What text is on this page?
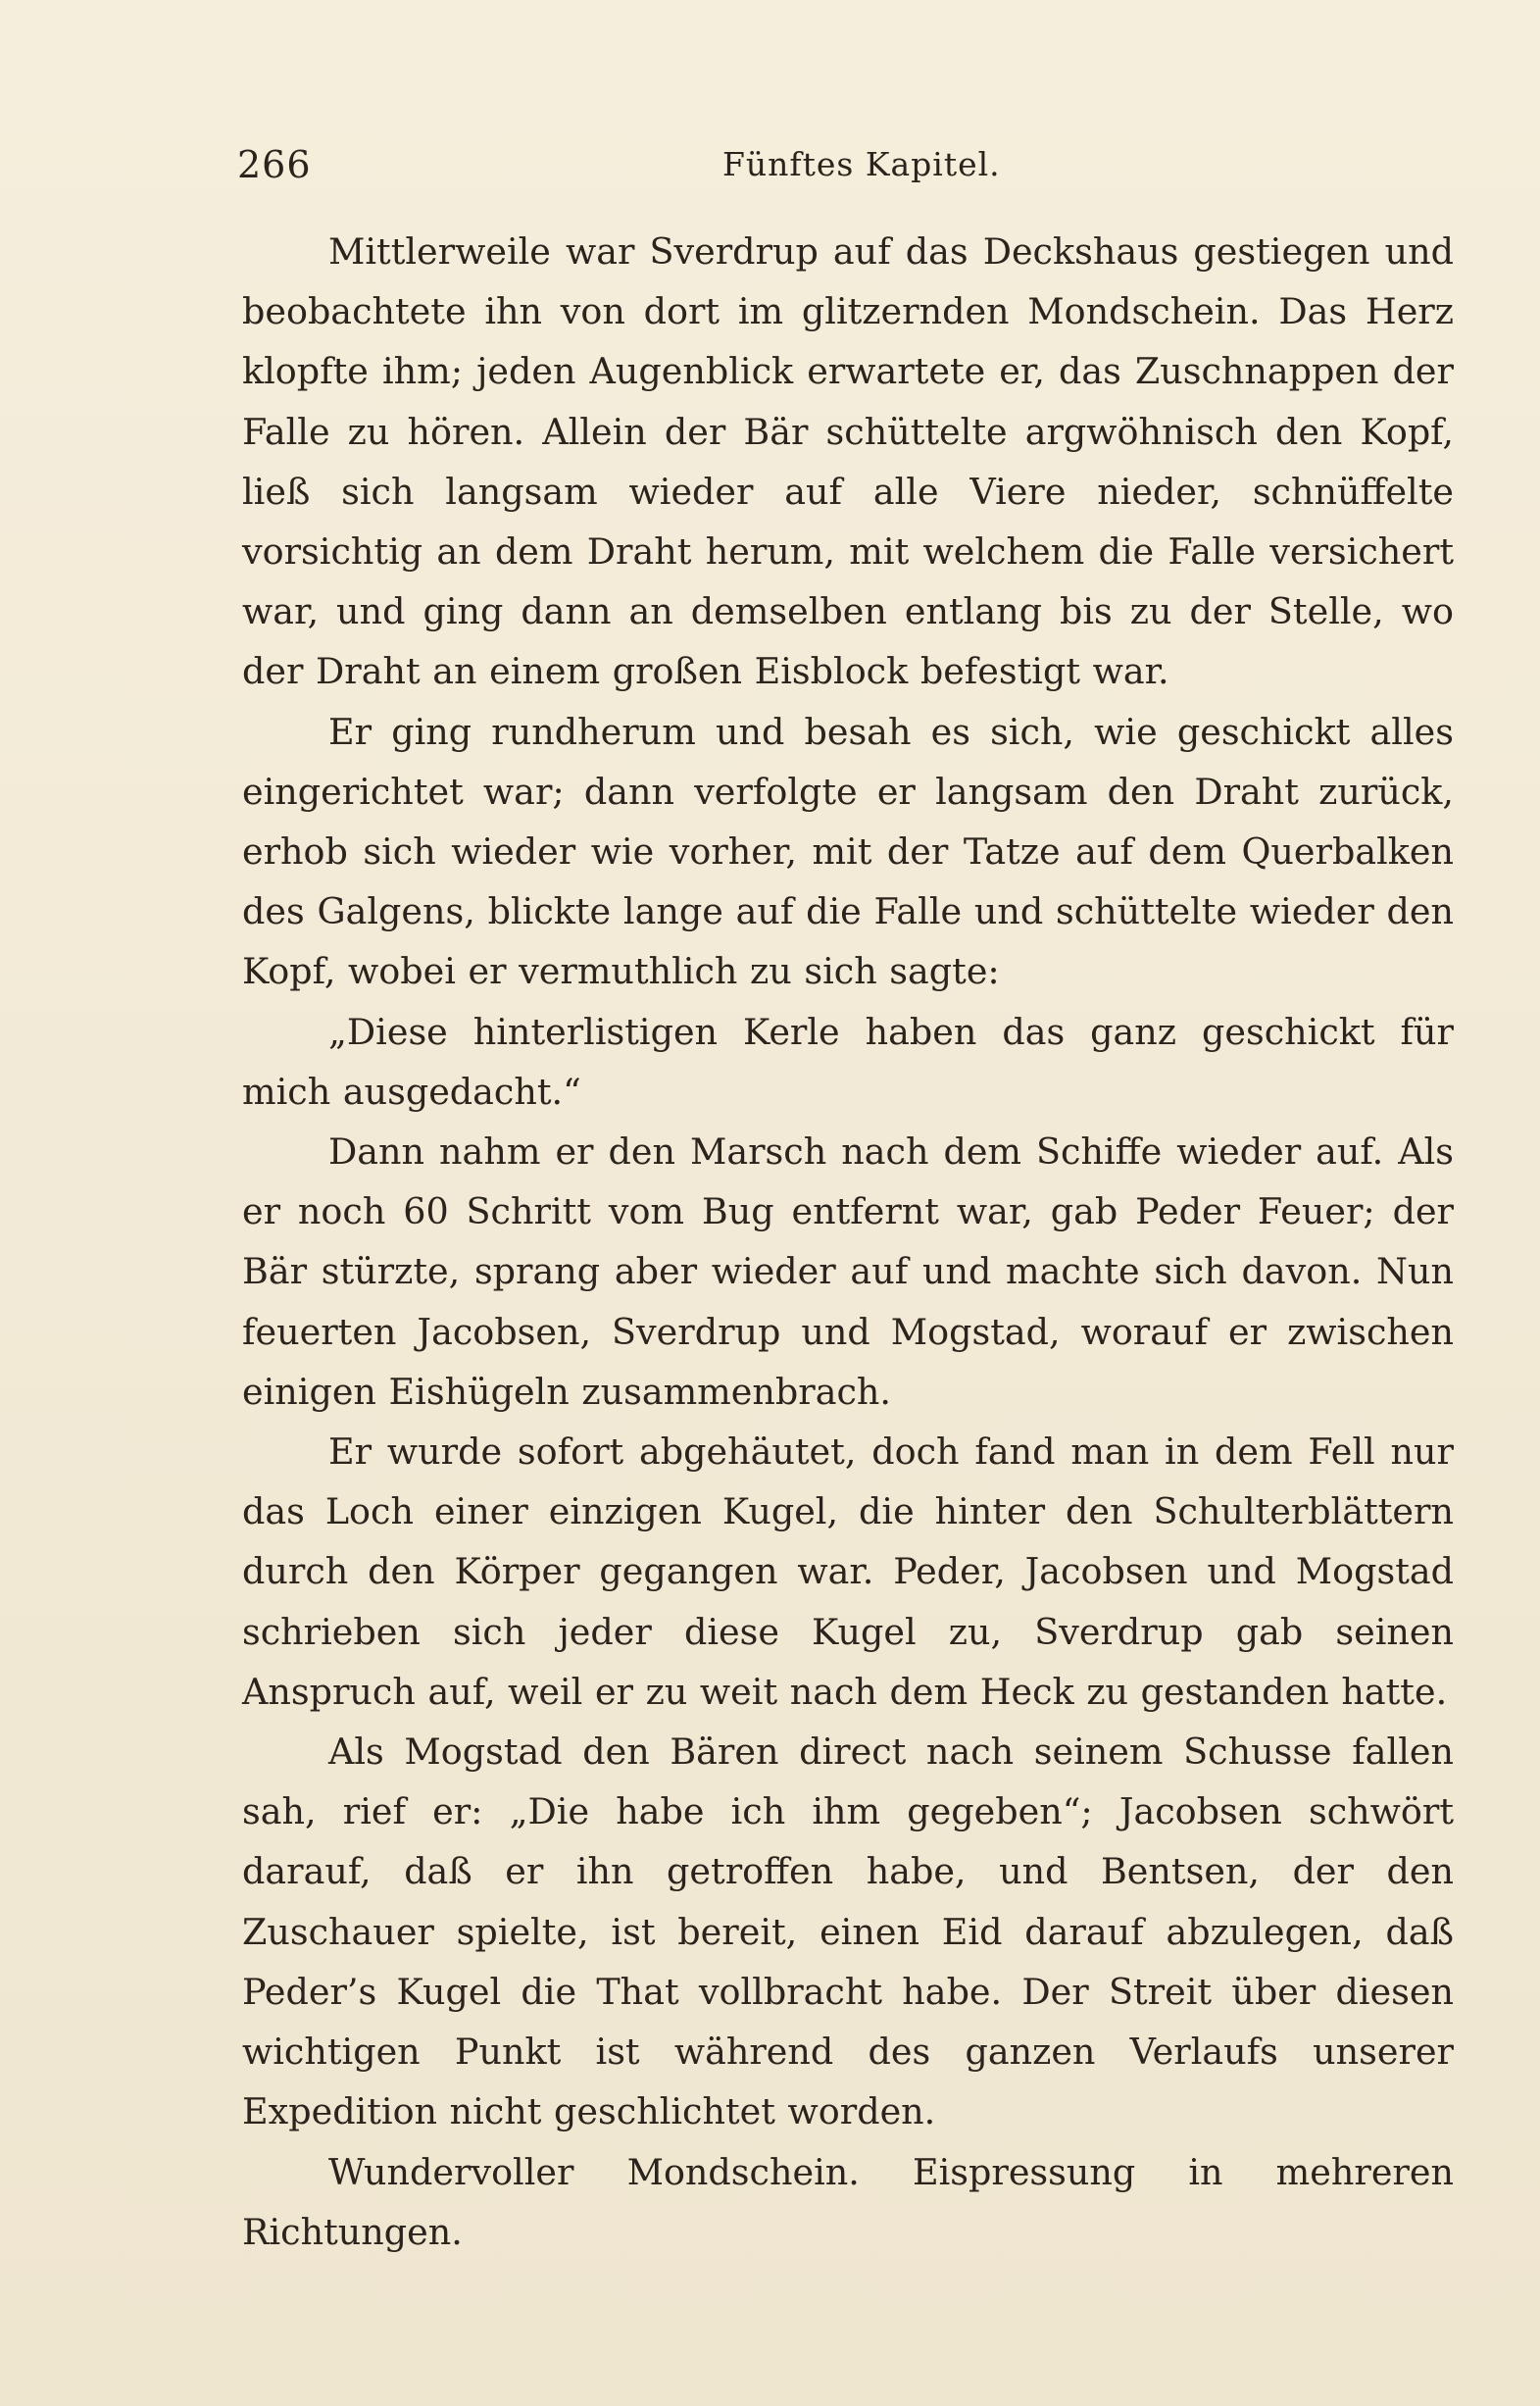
266	Fünftes Kapitel.

Mittlerweile war Sverdrup auf das Deckshaus gestiegen und beobachtete ihn von dort im glitzernden Mondschein. Das Herz klopfte ihm; jeden Augenblick erwartete er, das Zuschnappen der Falle zu hören. Allein der Bär schüttelte argwöhnisch den Kopf, ließ sich langsam wieder auf alle Viere nieder, schnüffelte vorsichtig an dem Draht herum, mit welchem die Falle versichert war, und ging dann an demselben entlang bis zu der Stelle, wo der Draht an einem großen Eisblock befestigt war.

Er ging rundherum und besah es sich, wie geschickt alles eingerichtet war; dann verfolgte er langsam den Draht zurück, erhob sich wieder wie vorher, mit der Tatze auf dem Querbalken des Galgens, blickte lange auf die Falle und schüttelte wieder den Kopf, wobei er vermuthlich zu sich sagte:

„Diese hinterlistigen Kerle haben das ganz geschickt für mich ausgedacht.“

Dann nahm er den Marsch nach dem Schiffe wieder auf. Als er noch 60 Schritt vom Bug entfernt war, gab Peder Feuer; der Bär stürzte, sprang aber wieder auf und machte sich davon. Nun feuerten Jacobsen, Sverdrup und Mogstad, worauf er zwischen einigen Eishügeln zusammenbrach.

Er wurde sofort abgehäutet, doch fand man in dem Fell nur das Loch einer einzigen Kugel, die hinter den Schulterblättern durch den Körper gegangen war. Peder, Jacobsen und Mogstad schrieben sich jeder diese Kugel zu, Sverdrup gab seinen Anspruch auf, weil er zu weit nach dem Heck zu gestanden hatte.

Als Mogstad den Bären direct nach seinem Schusse fallen sah, rief er: „Die habe ich ihm gegeben“; Jacobsen schwört darauf, daß er ihn getroffen habe, und Bentsen, der den Zuschauer spielte, ist bereit, einen Eid darauf abzulegen, daß Peder’s Kugel die That vollbracht habe. Der Streit über diesen wichtigen Punkt ist während des ganzen Verlaufs unserer Expedition nicht geschlichtet worden.

Wundervoller Mondschein. Eispressung in mehreren Richtungen.
